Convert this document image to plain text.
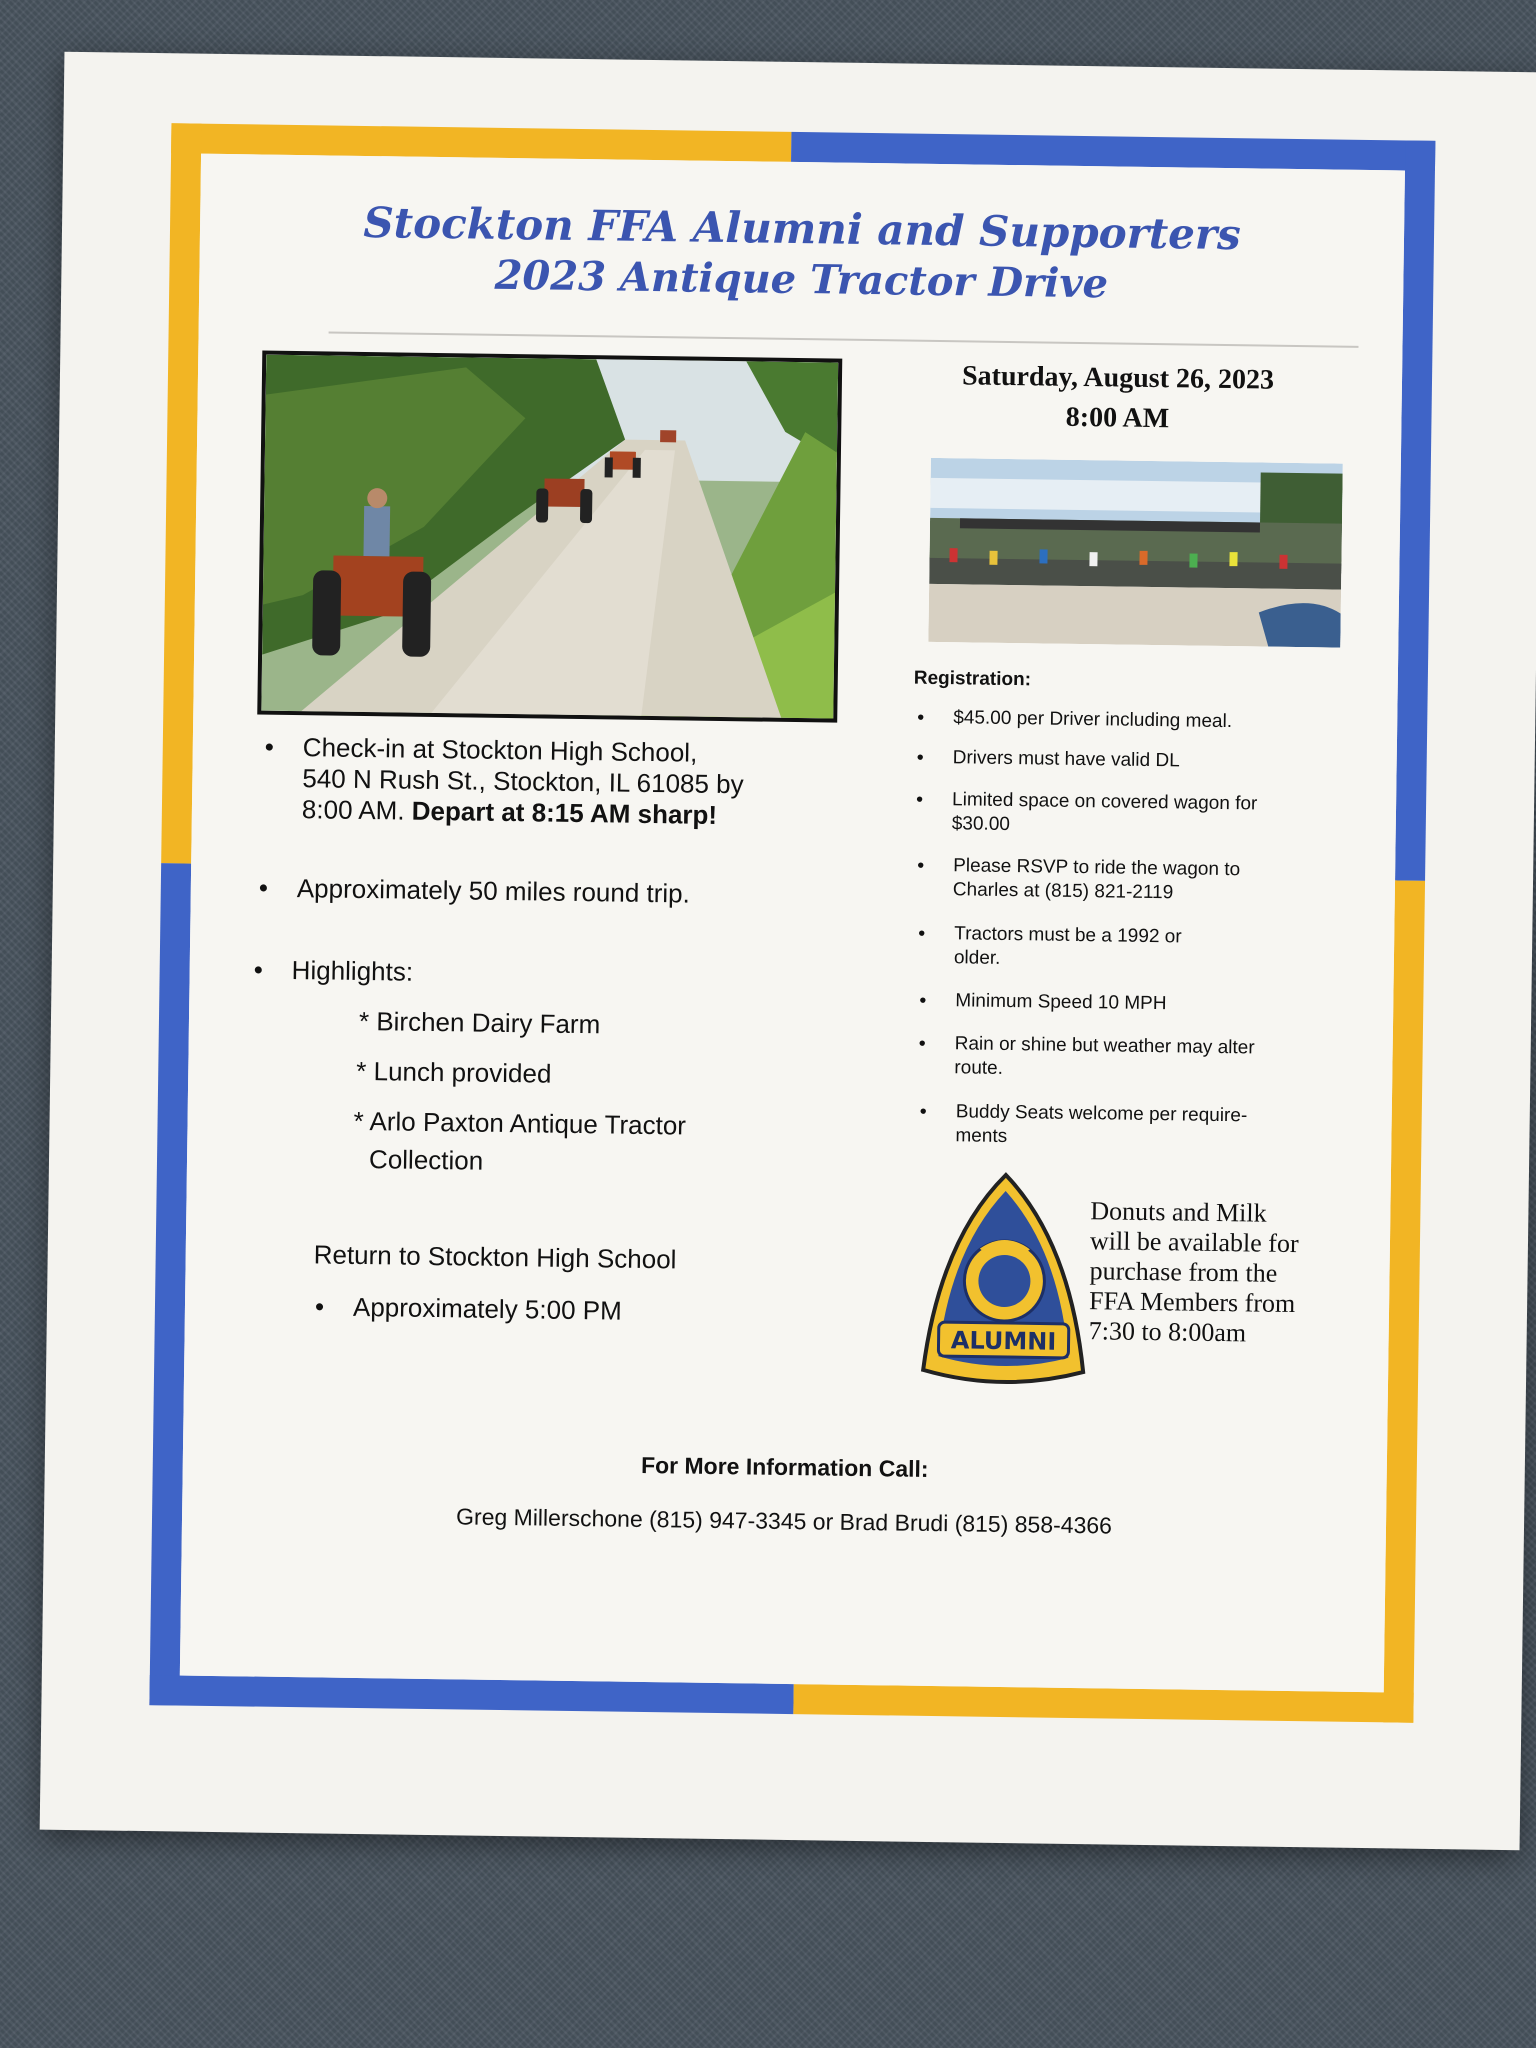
Stockton FFA Alumni and Supporters
2023 Antique Tractor Drive
Saturday, August 26, 2023
8:00 AM
• Check-in at Stockton High School,
540 N Rush St., Stockton, IL 61085 by
8:00 AM. Depart at 8:15 AM sharp!
• Approximately 50 miles round trip.
• Highlights:
* Birchen Dairy Farm
* Lunch provided
* Arlo Paxton Antique Tractor
Collection
Return to Stockton High School
• Approximately 5:00 PM
Registration:
• $45.00 per Driver including meal.
• Drivers must have valid DL
• Limited space on covered wagon for
$30.00
• Please RSVP to ride the wagon to
Charles at (815) 821-2119
• Tractors must be a 1992 or
older.
• Minimum Speed 10 MPH
• Rain or shine but weather may alter
route.
• Buddy Seats welcome per require-
ments
ALUMNI
Donuts and Milk
will be available for
purchase from the
FFA Members from
7:30 to 8:00am
For More Information Call:
Greg Millerschone (815) 947-3345 or Brad Brudi (815) 858-4366
